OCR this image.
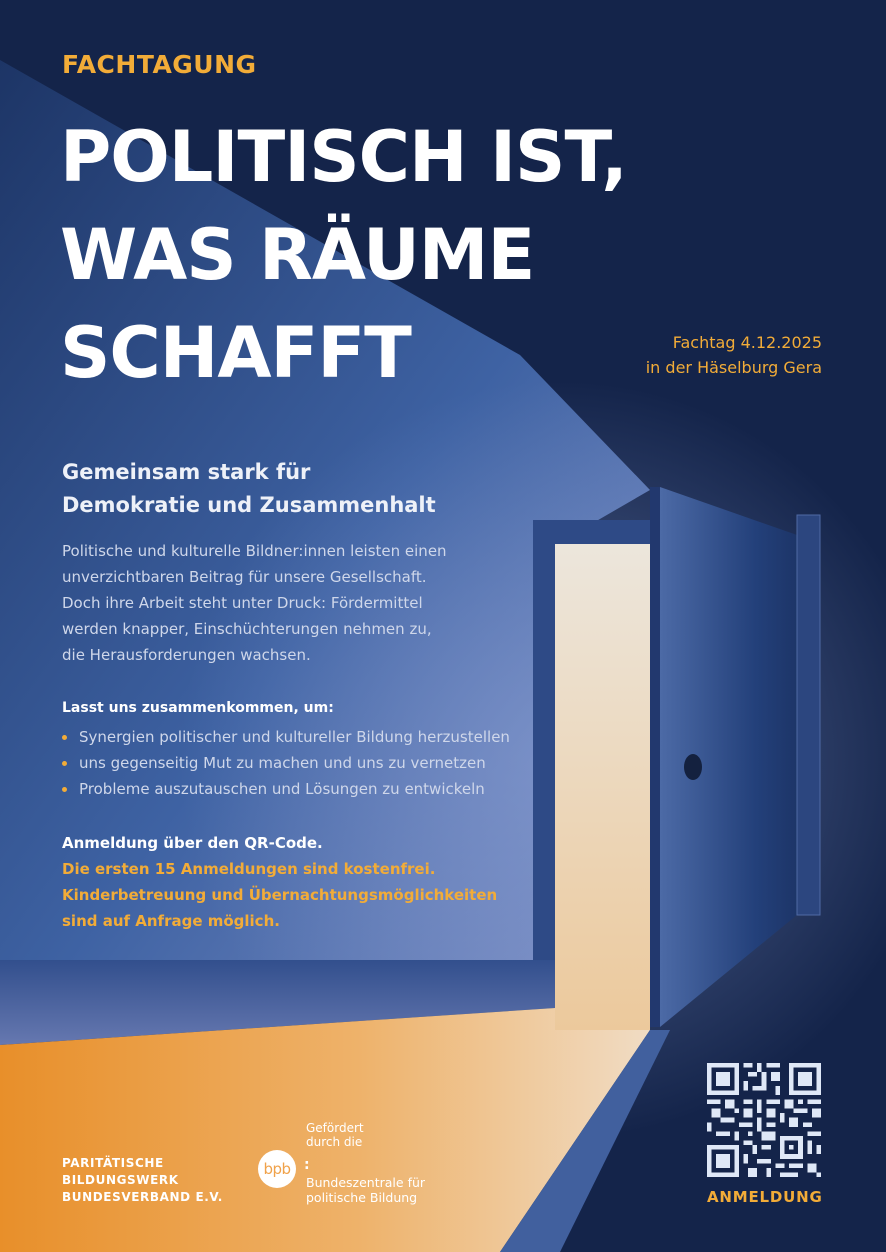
FACHTAGUNG
POLITISCH IST,
WAS RÄUME
SCHAFFT	Fachtag 4.12.2025
in der Häselburg Gera
Gemeinsam stark für
Demokratie und Zusammenhalt

Politische und kulturelle Bildner:innen leisten einen
unverzichtbaren Beitrag für unsere Gesellschaft.
Doch ihre Arbeit steht unter Druck: Fördermittel
werden knapper, Einschüchterungen nehmen zu,
die Herausforderungen wachsen.

Lasst uns zusammenkommen, um:
Synergien politischer und kultureller Bildung herzustellen
uns gegenseitig Mut zu machen und uns zu vernetzen
Probleme auszutauschen und Lösungen zu entwickeln
Anmeldung über den QR-Code.
Die ersten 15 Anmeldungen sind kostenfrei.
Kinderbetreuung und Übernachtungsmöglichkeiten
sind auf Anfrage möglich.
PARITÄTISCHE
BILDUNGSWERK
BUNDESVERBAND E.V.
Gefördert
durch die
bpb :
Bundeszentrale für
politische Bildung	ANMELDUNG
